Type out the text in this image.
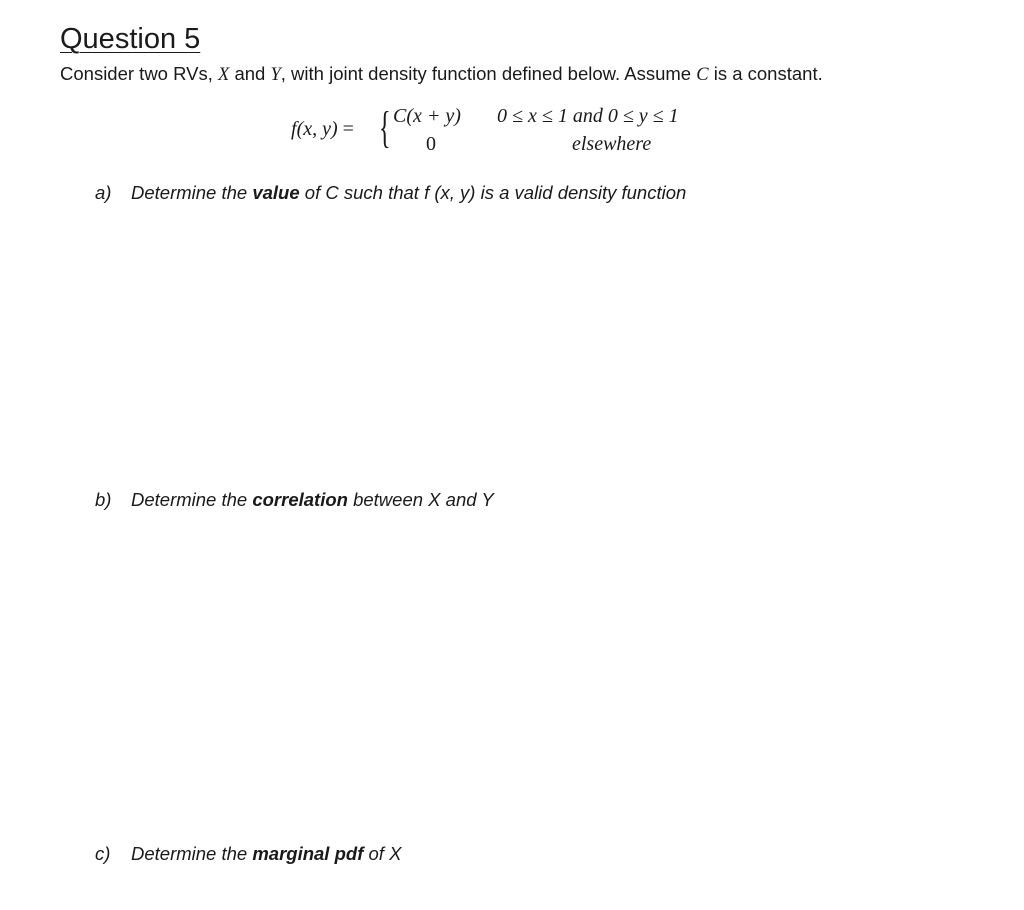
Question 5
Consider two RVs, X and Y, with joint density function defined below. Assume C is a constant.
f(x, y) = { C(x + y) 0 ≤ x ≤ 1 and 0 ≤ y ≤ 1
0	elsewhere
a) Determine the value of C such that f (x, y) is a valid density function
b) Determine the correlation between X and Y
c) Determine the marginal pdf of X
